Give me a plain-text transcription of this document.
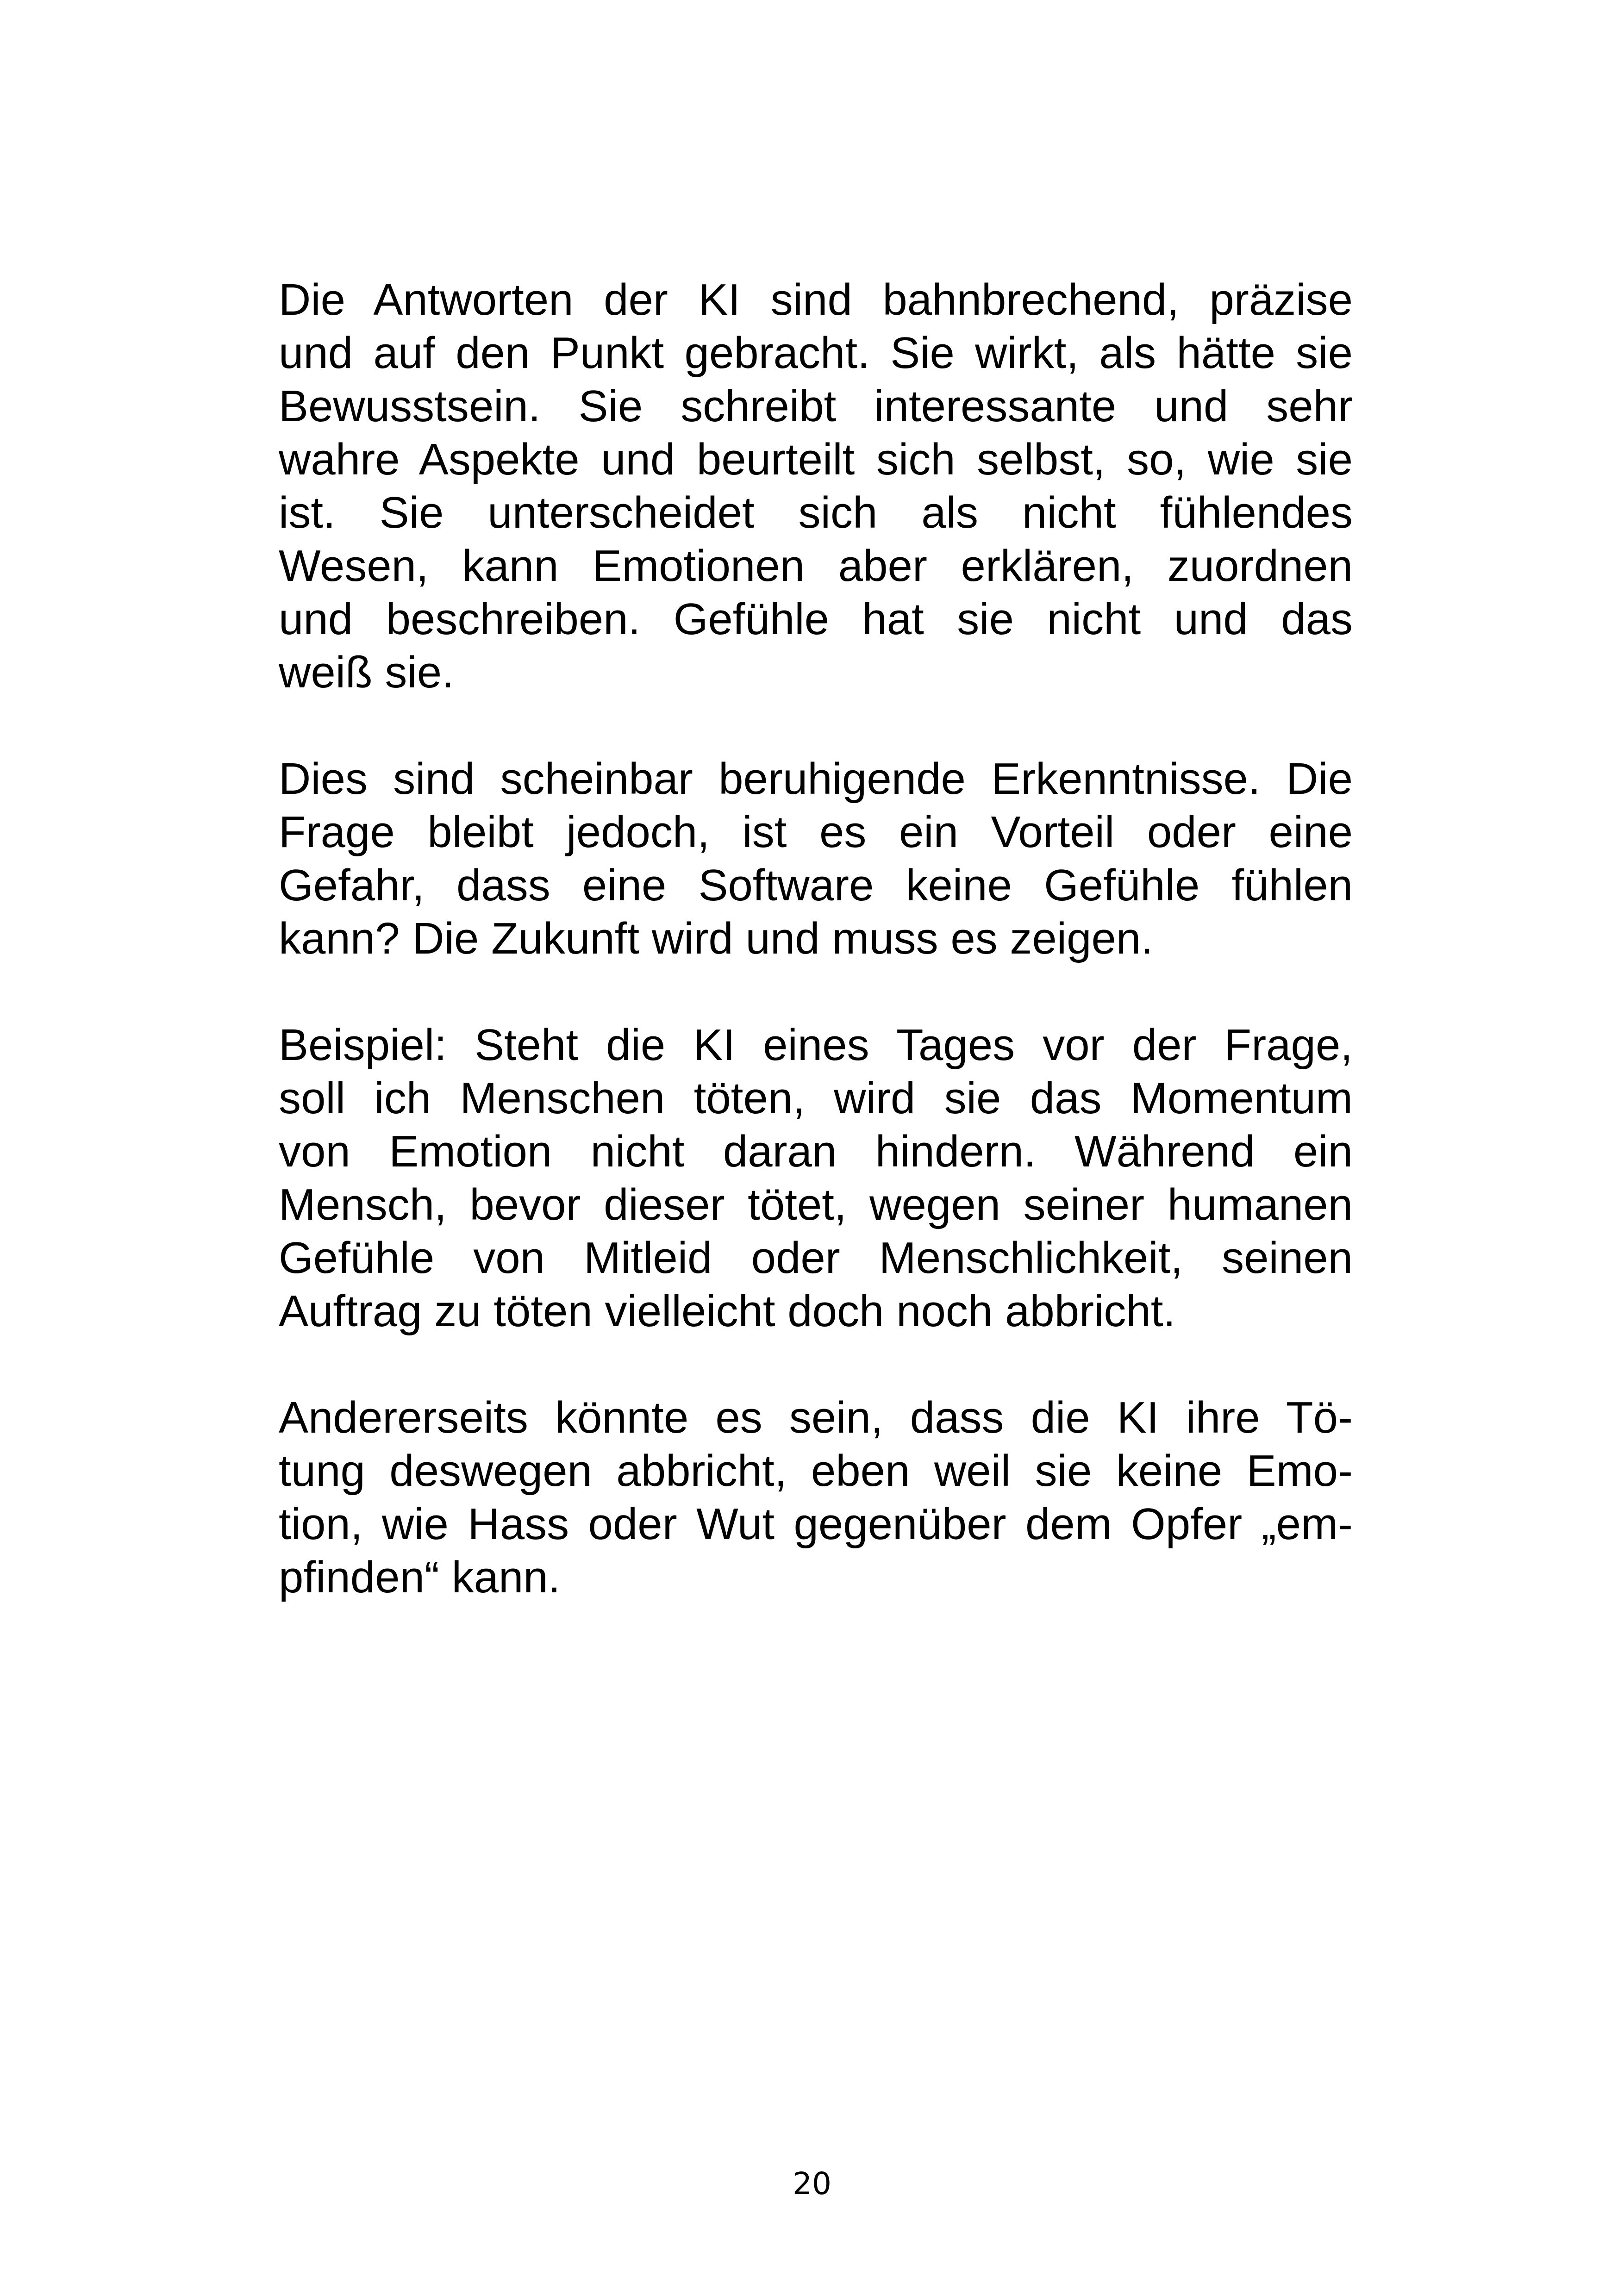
Die Antworten der KI sind bahnbrechend, präzise
und auf den Punkt gebracht. Sie wirkt, als hätte sie
Bewusstsein. Sie schreibt interessante und sehr
wahre Aspekte und beurteilt sich selbst, so, wie sie
ist. Sie unterscheidet sich als nicht fühlendes
Wesen, kann Emotionen aber erklären, zuordnen
und beschreiben. Gefühle hat sie nicht und das
weiß sie.

Dies sind scheinbar beruhigende Erkenntnisse. Die
Frage bleibt jedoch, ist es ein Vorteil oder eine
Gefahr, dass eine Software keine Gefühle fühlen
kann? Die Zukunft wird und muss es zeigen.

Beispiel: Steht die KI eines Tages vor der Frage,
soll ich Menschen töten, wird sie das Momentum
von Emotion nicht daran hindern. Während ein
Mensch, bevor dieser tötet, wegen seiner humanen
Gefühle von Mitleid oder Menschlichkeit, seinen
Auftrag zu töten vielleicht doch noch abbricht.

Andererseits könnte es sein, dass die KI ihre Tö-
tung deswegen abbricht, eben weil sie keine Emo-
tion, wie Hass oder Wut gegenüber dem Opfer „em-
pfinden“ kann.

20
